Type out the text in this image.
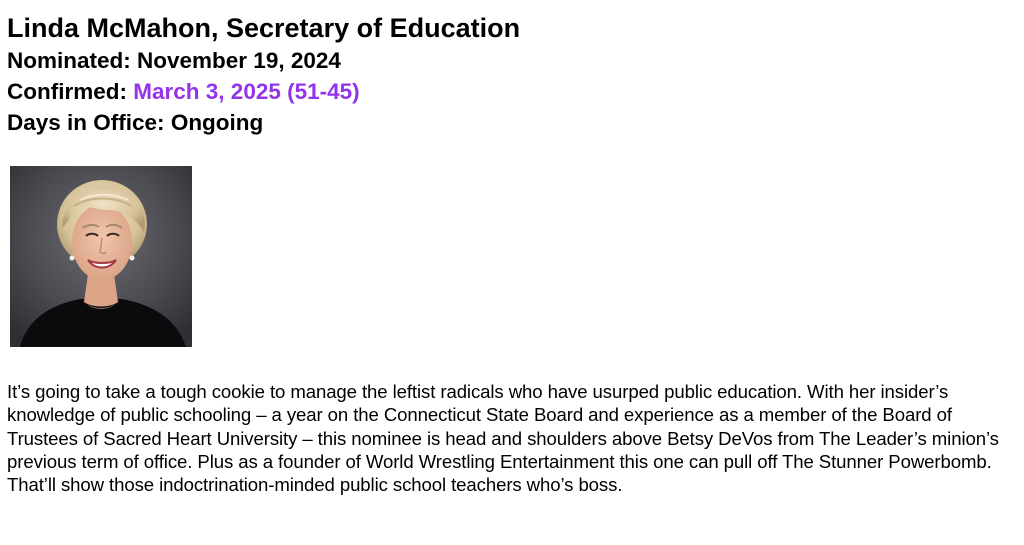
Linda McMahon, Secretary of Education

Nominated: November 19, 2024

Confirmed: March 3, 2025 (51-45)

Days in Office: Ongoing

It’s going to take a tough cookie to manage the leftist radicals who have usurped public education. With her insider’s knowledge of public schooling – a year on the Connecticut State Board and experience as a member of the Board of Trustees of Sacred Heart University – this nominee is head and shoulders above Betsy DeVos from The Leader’s minion’s previous term of office. Plus as a founder of World Wrestling Entertainment this one can pull off The Stunner Powerbomb. That’ll show those indoctrination-minded public school teachers who’s boss.
